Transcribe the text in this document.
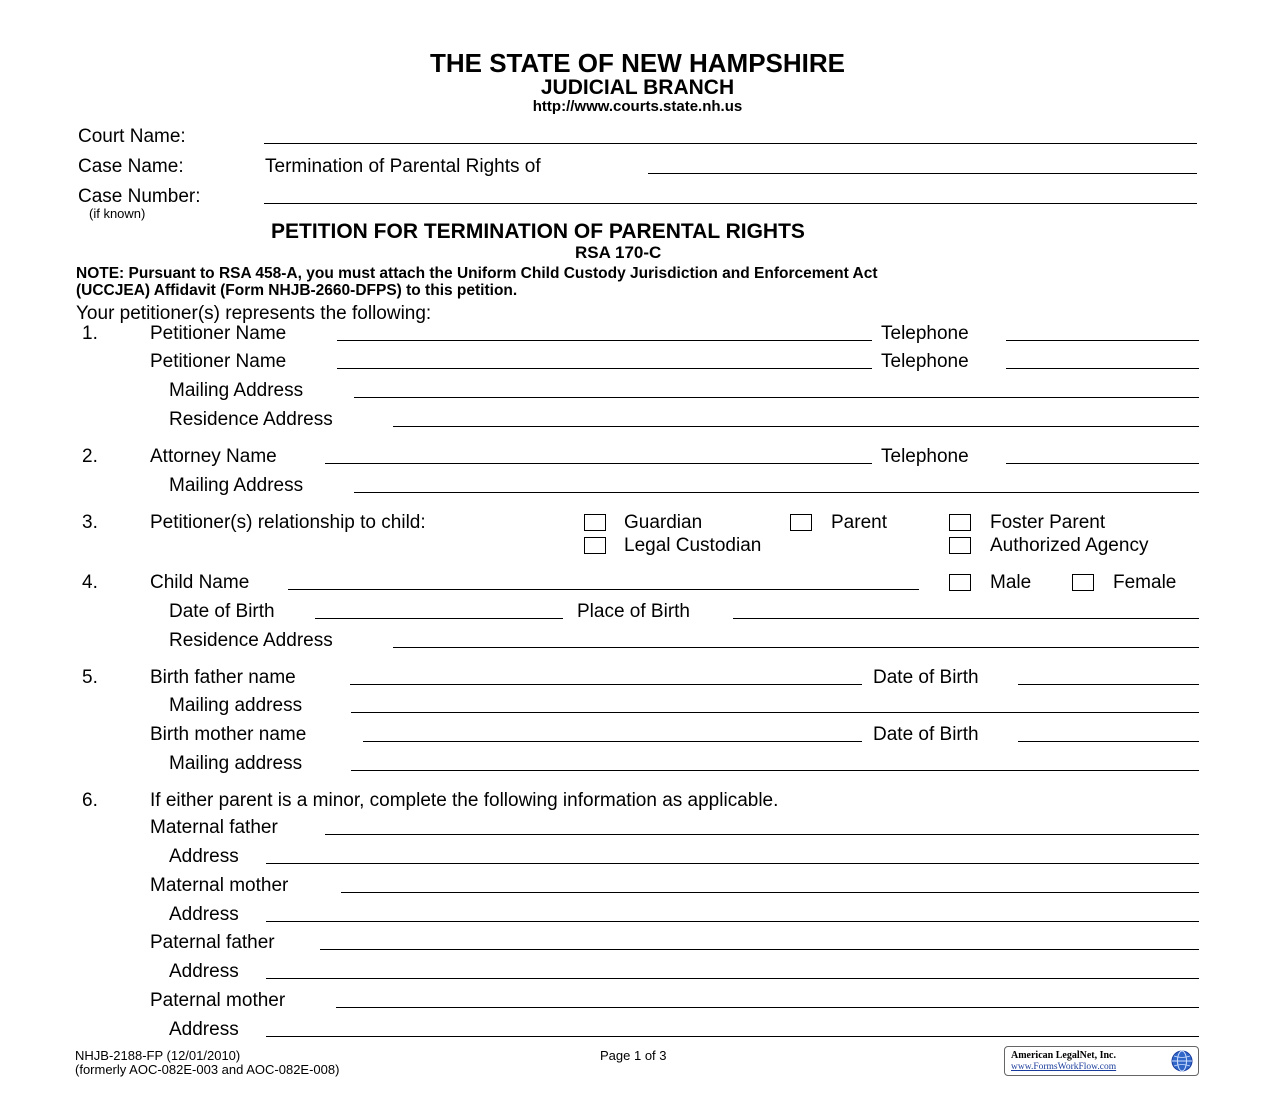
THE STATE OF NEW HAMPSHIRE
JUDICIAL BRANCH
http://www.courts.state.nh.us
Court Name:
Case Name:	Termination of Parental Rights of
Case Number:
(if known)
PETITION FOR TERMINATION OF PARENTAL RIGHTS
RSA 170-C
NOTE: Pursuant to RSA 458-A, you must attach the Uniform Child Custody Jurisdiction and Enforcement Act
(UCCJEA) Affidavit (Form NHJB-2660-DFPS) to this petition.
Your petitioner(s) represents the following:
1.	Petitioner Name	Telephone
Petitioner Name	Telephone
Mailing Address
Residence Address
2.	Attorney Name	Telephone
Mailing Address
3.	Petitioner(s) relationship to child:	Guardian	Parent	Foster Parent
Legal Custodian	Authorized Agency
4.	Child Name	Male	Female
Date of Birth	Place of Birth
Residence Address
5.	Birth father name	Date of Birth
Mailing address
Birth mother name	Date of Birth
Mailing address
6.	If either parent is a minor, complete the following information as applicable.
Maternal father
Address
Maternal mother
Address
Paternal father
Address
Paternal mother
Address
NHJB-2188-FP (12/01/2010)
(formerly AOC-082E-003 and AOC-082E-008)
Page 1 of 3	American LegalNet, Inc.
www.FormsWorkFlow.com
